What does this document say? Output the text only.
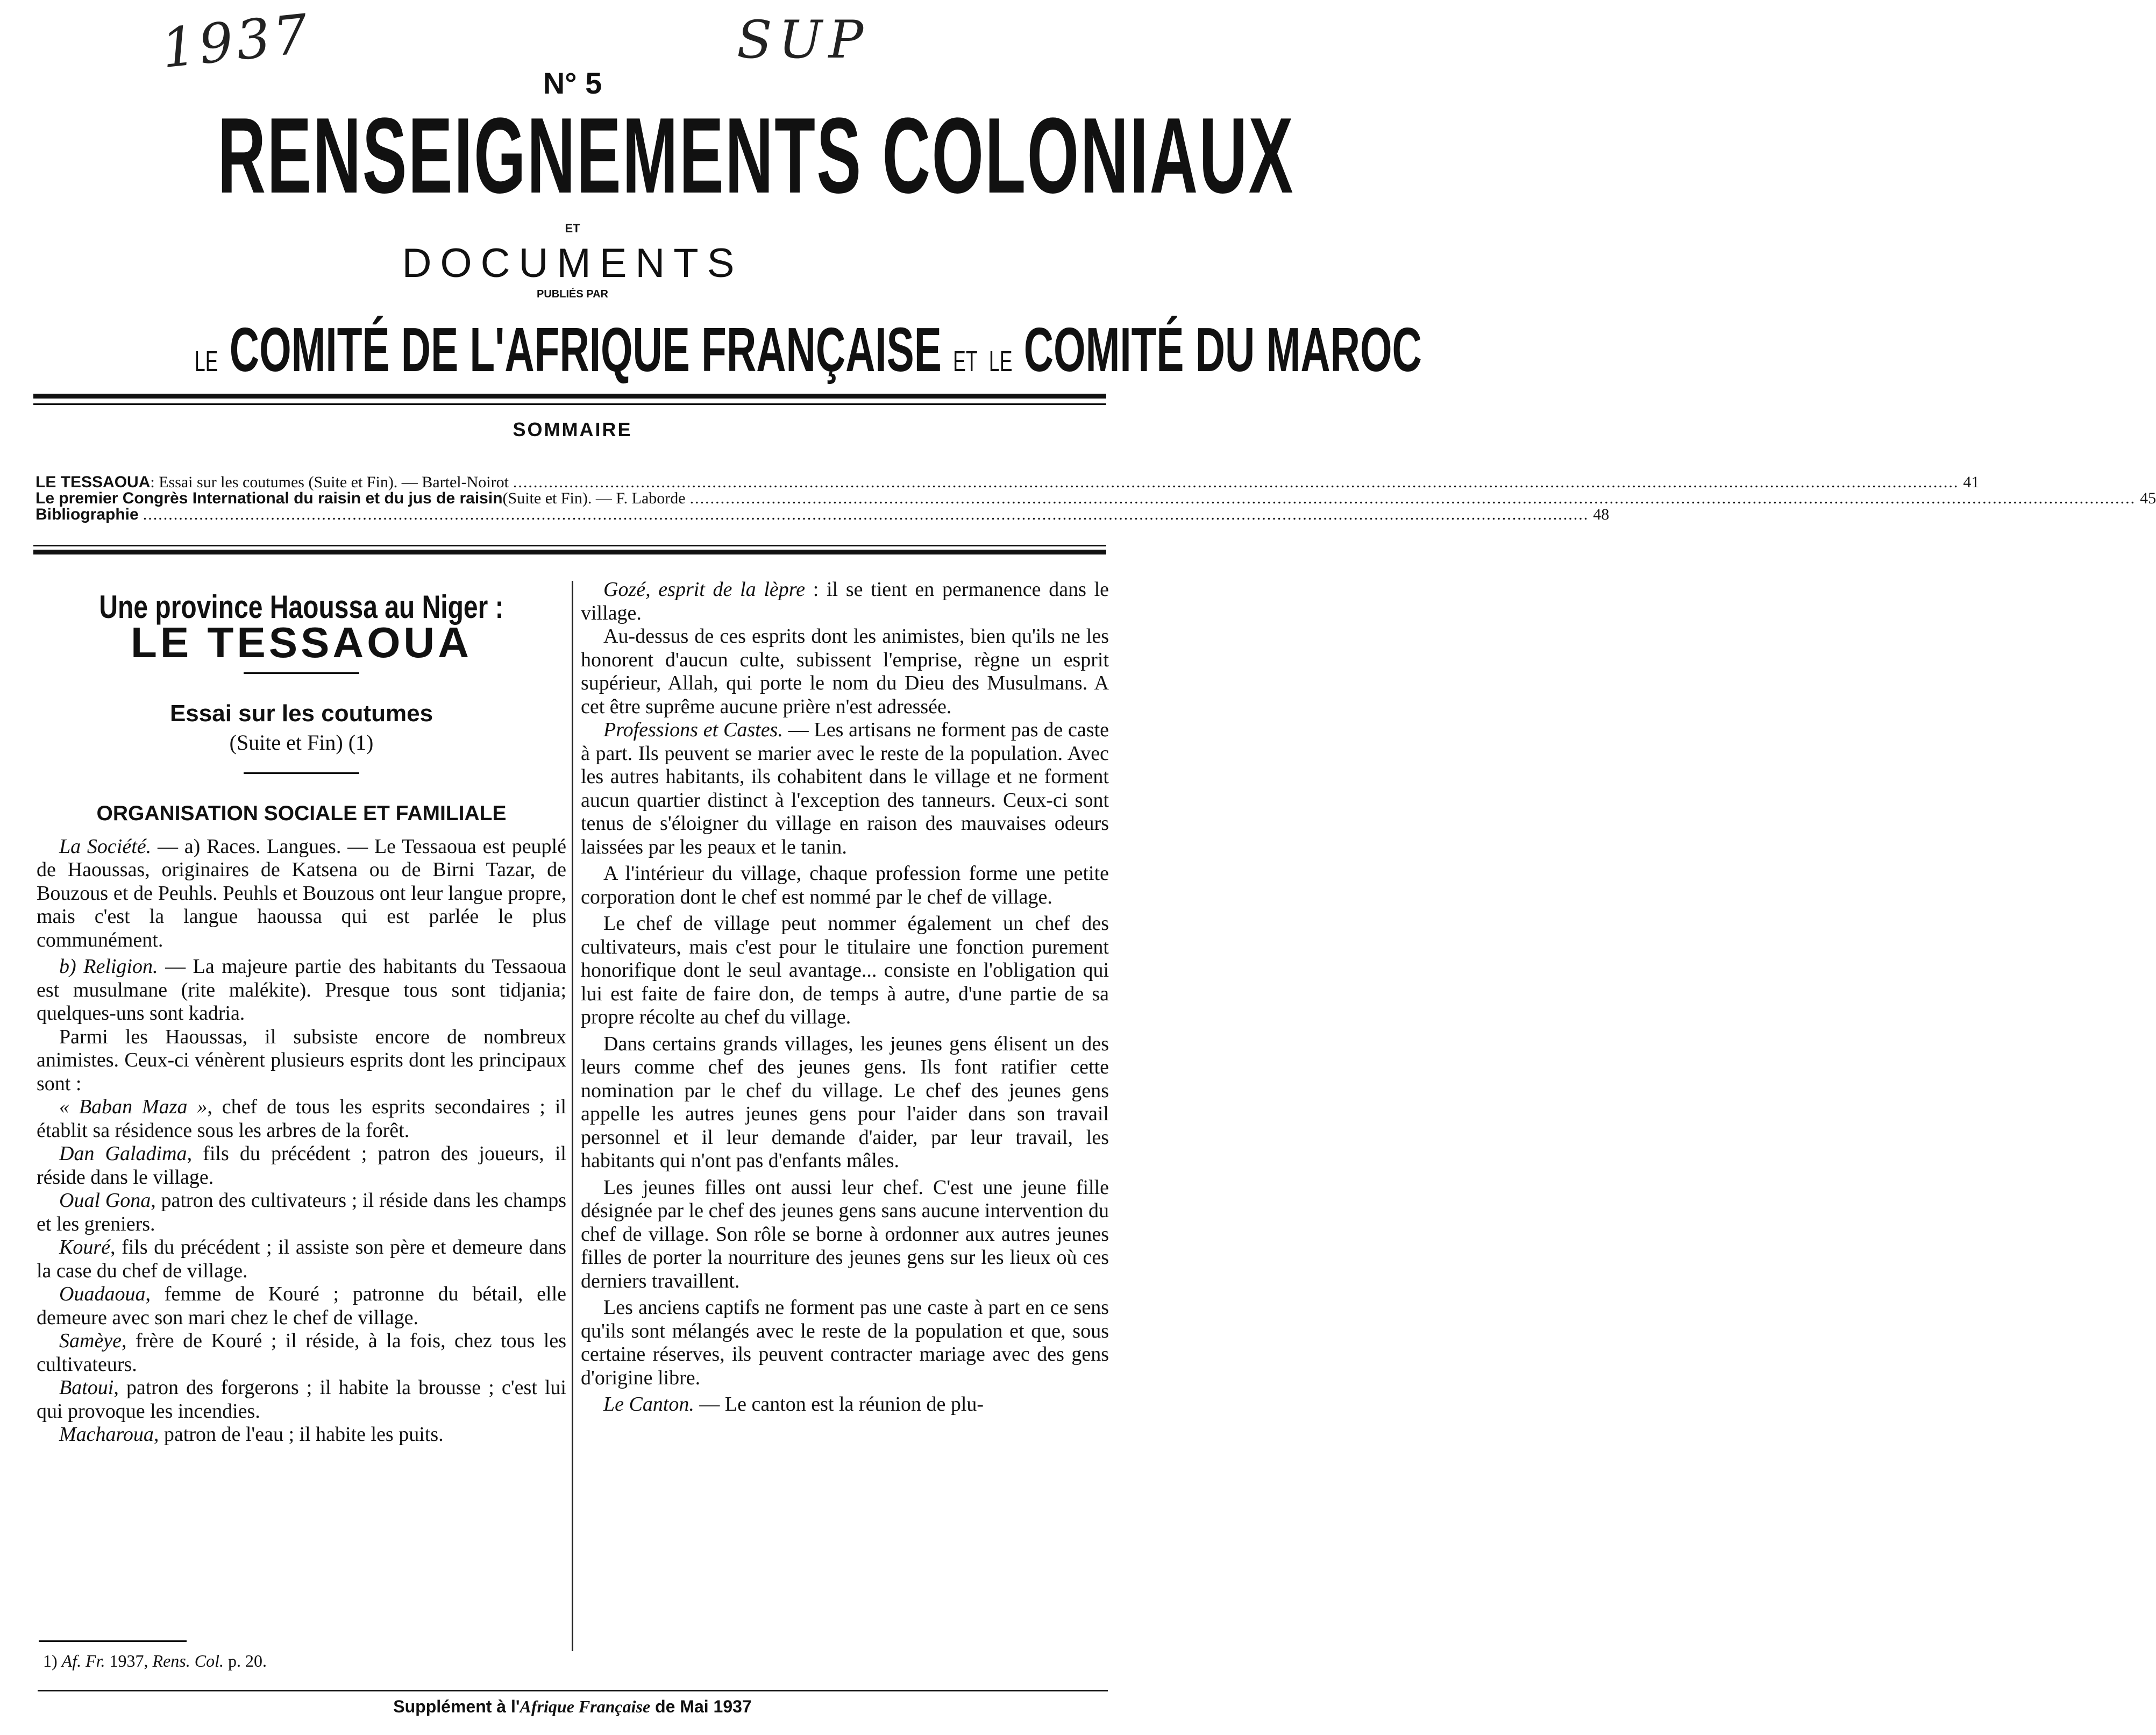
1937	SUP
N° 5
RENSEIGNEMENTS COLONIAUX
ET
DOCUMENTS
PUBLIÉS PAR
LE COMITÉ DE L'AFRIQUE FRANÇAISE ET LE COMITÉ DU MAROC
SOMMAIRE
LE TESSAOUA : Essai sur les coutumes (Suite et Fin). — Bartel-Noirot .....	41
Le premier Congrès International du raisin et du jus de raisin (Suite et Fin). — F. Laborde .....	45
Bibliographie .....	48
Une province Haoussa au Niger :
LE TESSAOUA
Essai sur les coutumes
(Suite et Fin) (1)
ORGANISATION SOCIALE ET FAMILIALE

La Société. — a) Races. Langues. — Le Tessaoua est peuplé de Haoussas, originaires de Katsena ou de Birni Tazar, de Bouzous et de Peuhls. Peuhls et Bouzous ont leur langue propre, mais c'est la langue haoussa qui est parlée le plus communément.

b) Religion. — La majeure partie des habitants du Tessaoua est musulmane (rite malékite). Presque tous sont tidjania; quelques-uns sont kadria.

Parmi les Haoussas, il subsiste encore de nombreux animistes. Ceux-ci vénèrent plusieurs esprits dont les principaux sont :

« Baban Maza », chef de tous les esprits secondaires ; il établit sa résidence sous les arbres de la forêt.

Dan Galadima, fils du précédent ; patron des joueurs, il réside dans le village.

Oual Gona, patron des cultivateurs ; il réside dans les champs et les greniers.

Kouré, fils du précédent ; il assiste son père et demeure dans la case du chef de village.

Ouadaoua, femme de Kouré ; patronne du bétail, elle demeure avec son mari chez le chef de village.

Samèye, frère de Kouré ; il réside, à la fois, chez tous les cultivateurs.

Batoui, patron des forgerons ; il habite la brousse ; c'est lui qui provoque les incendies.

Macharoua, patron de l'eau ; il habite les puits.

Gozé, esprit de la lèpre : il se tient en permanence dans le village.

Au-dessus de ces esprits dont les animistes, bien qu'ils ne les honorent d'aucun culte, subissent l'emprise, règne un esprit supérieur, Allah, qui porte le nom du Dieu des Musulmans. A cet être suprême aucune prière n'est adressée.

Professions et Castes. — Les artisans ne forment pas de caste à part. Ils peuvent se marier avec le reste de la population. Avec les autres habitants, ils cohabitent dans le village et ne forment aucun quartier distinct à l'exception des tanneurs. Ceux-ci sont tenus de s'éloigner du village en raison des mauvaises odeurs laissées par les peaux et le tanin.

A l'intérieur du village, chaque profession forme une petite corporation dont le chef est nommé par le chef de village.

Le chef de village peut nommer également un chef des cultivateurs, mais c'est pour le titulaire une fonction purement honorifique dont le seul avantage... consiste en l'obligation qui lui est faite de faire don, de temps à autre, d'une partie de sa propre récolte au chef du village.

Dans certains grands villages, les jeunes gens élisent un des leurs comme chef des jeunes gens. Ils font ratifier cette nomination par le chef du village. Le chef des jeunes gens appelle les autres jeunes gens pour l'aider dans son travail personnel et il leur demande d'aider, par leur travail, les habitants qui n'ont pas d'enfants mâles.

Les jeunes filles ont aussi leur chef. C'est une jeune fille désignée par le chef des jeunes gens sans aucune intervention du chef de village. Son rôle se borne à ordonner aux autres jeunes filles de porter la nourriture des jeunes gens sur les lieux où ces derniers travaillent.

Les anciens captifs ne forment pas une caste à part en ce sens qu'ils sont mélangés avec le reste de la population et que, sous certaine réserves, ils peuvent contracter mariage avec des gens d'origine libre.

Le Canton. — Le canton est la réunion de plu-

1) Af. Fr. 1937, Rens. Col. p. 20.
Supplément à l'Afrique Française de Mai 1937
